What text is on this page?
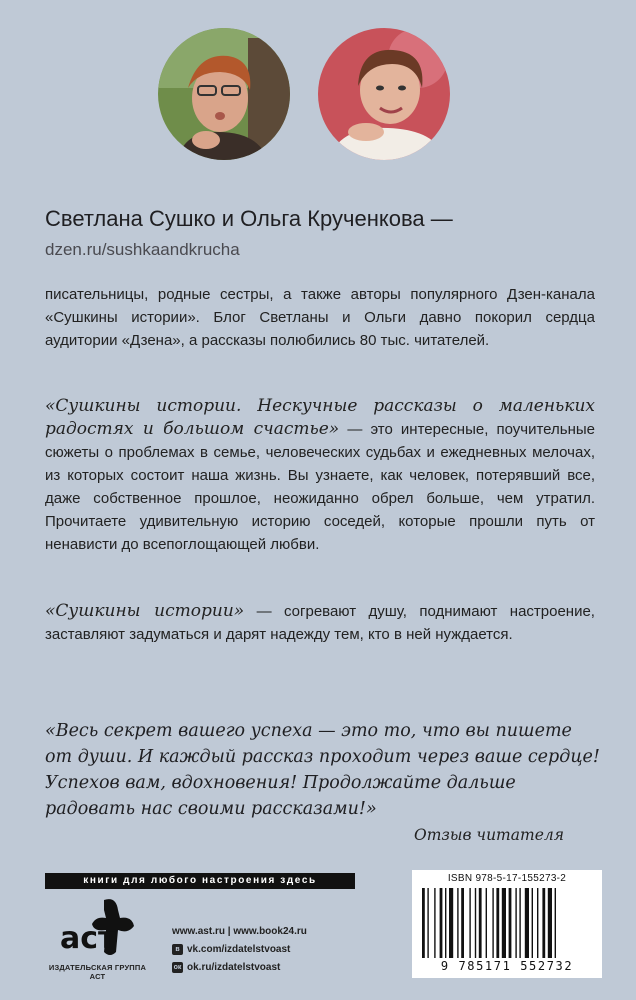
Светлана Сушко и Ольга Крученкова —
dzen.ru/sushkaandkrucha
писательницы, родные сестры, а также авторы популярного Дзен-канала «Сушкины истории». Блог Светланы и Ольги давно покорил сердца аудитории «Дзена», а рассказы полюбились 80 тыс. читателей.
«Сушкины истории. Нескучные рассказы о маленьких радостях и большом счастье» — это интересные, поучительные сюжеты о проблемах в семье, человеческих судьбах и ежедневных мелочах, из которых состоит наша жизнь. Вы узнаете, как человек, потерявший все, даже собственное прошлое, неожиданно обрел больше, чем утратил. Прочитаете удивительную историю соседей, которые прошли путь от ненависти до всепоглощающей любви.
«Сушкины истории» — согревают душу, поднимают настроение, заставляют задуматься и дарят надежду тем, кто в ней нуждается.
«Весь секрет вашего успеха — это то, что вы пишете от души. И каждый рассказ проходит через ваше сердце! Успехов вам, вдохновения! Продолжайте дальше радовать нас своими рассказами!»
Отзыв читателя
книги для любого настроения здесь
аст
ИЗДАТЕЛЬСКАЯ ГРУППА АСТ
www.ast.ru | www.book24.ru
в vk.com/izdatelstvoast
ок ok.ru/izdatelstvoast
ISBN 978-5-17-155273-2
9 785171 552732
